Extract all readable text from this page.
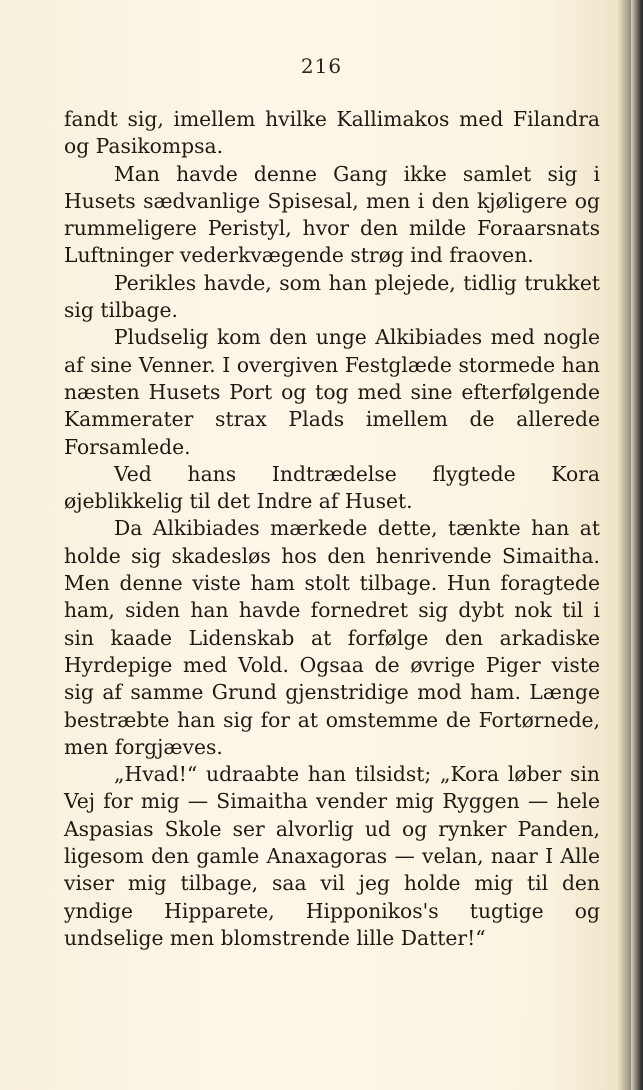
216

fandt sig, imellem hvilke Kallimakos med Filandra og Pasikompsa.

Man havde denne Gang ikke samlet sig i Husets sædvanlige Spisesal, men i den kjøligere og rummeligere Peristyl, hvor den milde Foraarsnats Luftninger vederkvægende strøg ind fraoven.

Perikles havde, som han plejede, tidlig trukket sig tilbage.

Pludselig kom den unge Alkibiades med nogle af sine Venner. I overgiven Festglæde stormede han næsten Husets Port og tog med sine efterfølgende Kammerater strax Plads imellem de allerede Forsamlede.

Ved hans Indtrædelse flygtede Kora øjeblikkelig til det Indre af Huset.

Da Alkibiades mærkede dette, tænkte han at holde sig skadesløs hos den henrivende Simaitha. Men denne viste ham stolt tilbage. Hun foragtede ham, siden han havde fornedret sig dybt nok til i sin kaade Lidenskab at forfølge den arkadiske Hyrdepige med Vold. Ogsaa de øvrige Piger viste sig af samme Grund gjenstridige mod ham. Længe bestræbte han sig for at omstemme de Fortørnede, men forgjæves.

„Hvad!“ udraabte han tilsidst; „Kora løber sin Vej for mig — Simaitha vender mig Ryggen — hele Aspasias Skole ser alvorlig ud og rynker Panden, ligesom den gamle Anaxagoras — velan, naar I Alle viser mig tilbage, saa vil jeg holde mig til den yndige Hipparete, Hipponikos's tugtige og undselige men blomstrende lille Datter!“
